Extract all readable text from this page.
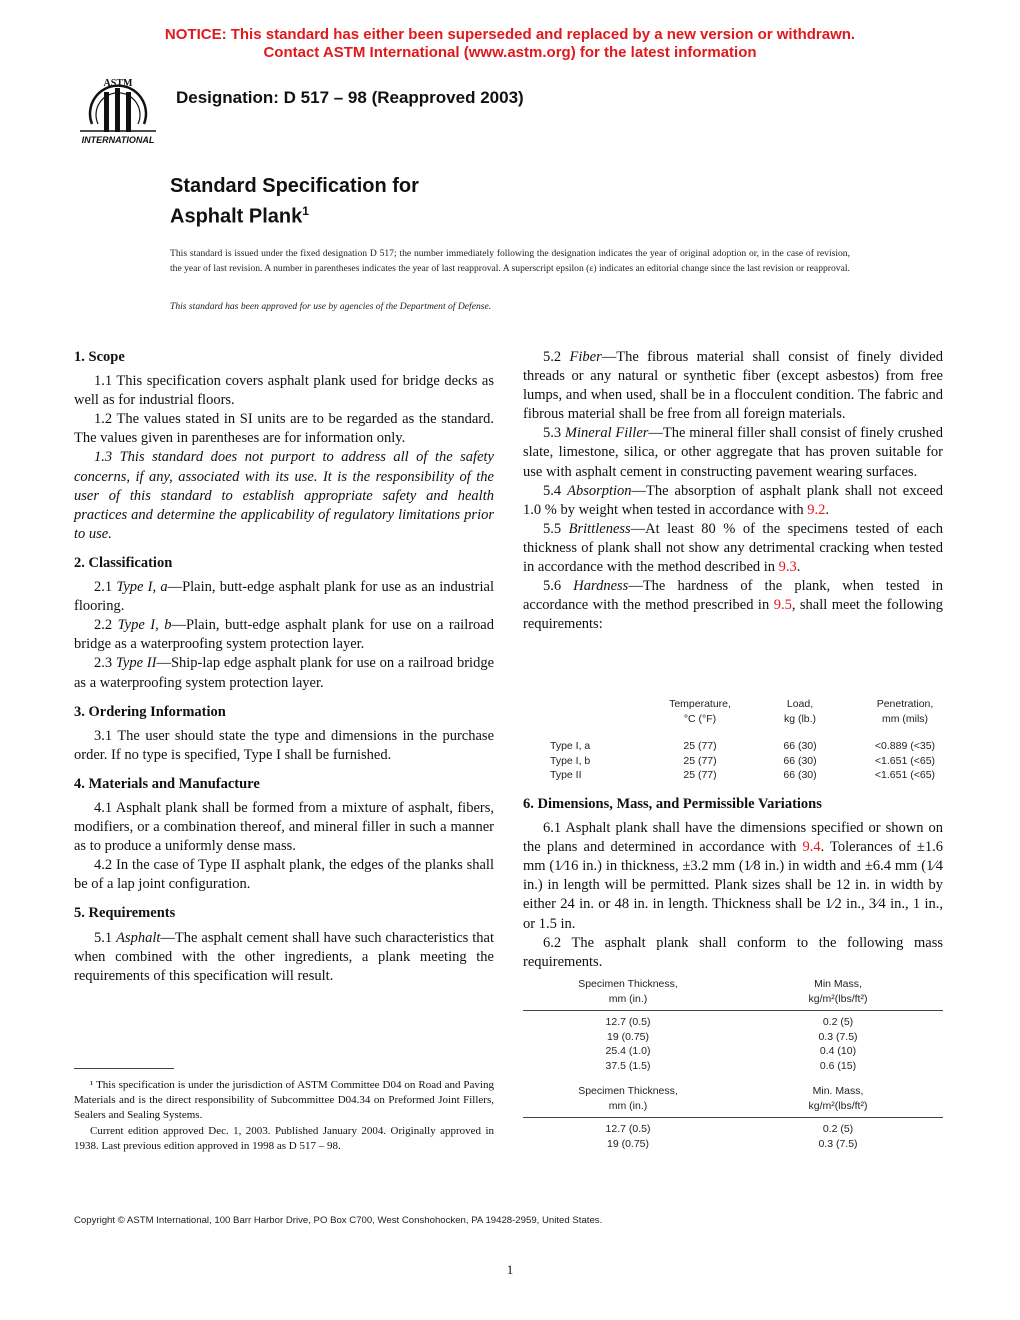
NOTICE: This standard has either been superseded and replaced by a new version or withdrawn.
Contact ASTM International (www.astm.org) for the latest information
INTERNATIONAL
ASTM
Designation: D 517 – 98 (Reapproved 2003)
Standard Specification for
Asphalt Plank$^1$
This standard is issued under the fixed designation D 517; the number immediately following the designation indicates the year of original adoption or, in the case of revision, the year of last revision. A number in parentheses indicates the year of last reapproval. A superscript epsilon (ε) indicates an editorial change since the last revision or reapproval.
This standard has been approved for use by agencies of the Department of Defense.
1. Scope

1.1 This specification covers asphalt plank used for bridge decks as well as for industrial floors.

1.2 The values stated in SI units are to be regarded as the standard. The values given in parentheses are for information only.

1.3 This standard does not purport to address all of the safety concerns, if any, associated with its use. It is the responsibility of the user of this standard to establish appropriate safety and health practices and determine the applicability of regulatory limitations prior to use.

2. Classification

2.1 Type I, a—Plain, butt-edge asphalt plank for use as an industrial flooring.

2.2 Type I, b—Plain, butt-edge asphalt plank for use on a railroad bridge as a waterproofing system protection layer.

2.3 Type II—Ship-lap edge asphalt plank for use on a railroad bridge as a waterproofing system protection layer.

3. Ordering Information

3.1 The user should state the type and dimensions in the purchase order. If no type is specified, Type I shall be furnished.

4. Materials and Manufacture

4.1 Asphalt plank shall be formed from a mixture of asphalt, fibers, modifiers, or a combination thereof, and mineral filler in such a manner as to produce a uniformly dense mass.

4.2 In the case of Type II asphalt plank, the edges of the planks shall be of a lap joint configuration.

5. Requirements

5.1 Asphalt—The asphalt cement shall have such characteristics that when combined with the other ingredients, a plank meeting the requirements of this specification will result.

¹ This specification is under the jurisdiction of ASTM Committee D04 on Road and Paving Materials and is the direct responsibility of Subcommittee D04.34 on Preformed Joint Fillers, Sealers and Sealing Systems.

Current edition approved Dec. 1, 2003. Published January 2004. Originally approved in 1938. Last previous edition approved in 1998 as D 517 – 98.

5.2 Fiber—The fibrous material shall consist of finely divided threads or any natural or synthetic fiber (except asbestos) from free lumps, and when used, shall be in a flocculent condition. The fabric and fibrous material shall be free from all foreign materials.

5.3 Mineral Filler—The mineral filler shall consist of finely crushed slate, limestone, silica, or other aggregate that has proven suitable for use with asphalt cement in constructing pavement wearing surfaces.

5.4 Absorption—The absorption of asphalt plank shall not exceed 1.0 % by weight when tested in accordance with 9.2.

5.5 Brittleness—At least 80 % of the specimens tested of each thickness of plank shall not show any detrimental cracking when tested in accordance with the method described in 9.3.

5.6 Hardness—The hardness of the plank, when tested in accordance with the method prescribed in 9.5, shall meet the following requirements:

	Temperature,	Load,	Penetration,
	°C (°F)	kg (lb.)	mm (mils)

Type I, a	25 (77)	66 (30)	<0.889 (<35)
Type I, b	25 (77)	66 (30)	<1.651 (<65)
Type II	25 (77)	66 (30)	<1.651 (<65)
6. Dimensions, Mass, and Permissible Variations

6.1 Asphalt plank shall have the dimensions specified or shown on the plans and determined in accordance with 9.4. Tolerances of ±1.6 mm (1⁄16 in.) in thickness, ±3.2 mm (1⁄8 in.) in width and ±6.4 mm (1⁄4 in.) in length will be permitted. Plank sizes shall be 12 in. in width by either 24 in. or 48 in. in length. Thickness shall be 1⁄2 in., 3⁄4 in., 1 in., or 1.5 in.

6.2 The asphalt plank shall conform to the following mass requirements.

Specimen Thickness,	Min Mass,
mm (in.)	kg/m²(lbs/ft²)

12.7 (0.5)	0.2 (5)
19 (0.75)	0.3 (7.5)
25.4 (1.0)	0.4 (10)
37.5 (1.5)	0.6 (15)
Specimen Thickness,	Min. Mass,
mm (in.)	kg/m²(lbs/ft²)

12.7 (0.5)	0.2 (5)
19 (0.75)	0.3 (7.5)
Copyright © ASTM International, 100 Barr Harbor Drive, PO Box C700, West Conshohocken, PA 19428-2959, United States.
1
